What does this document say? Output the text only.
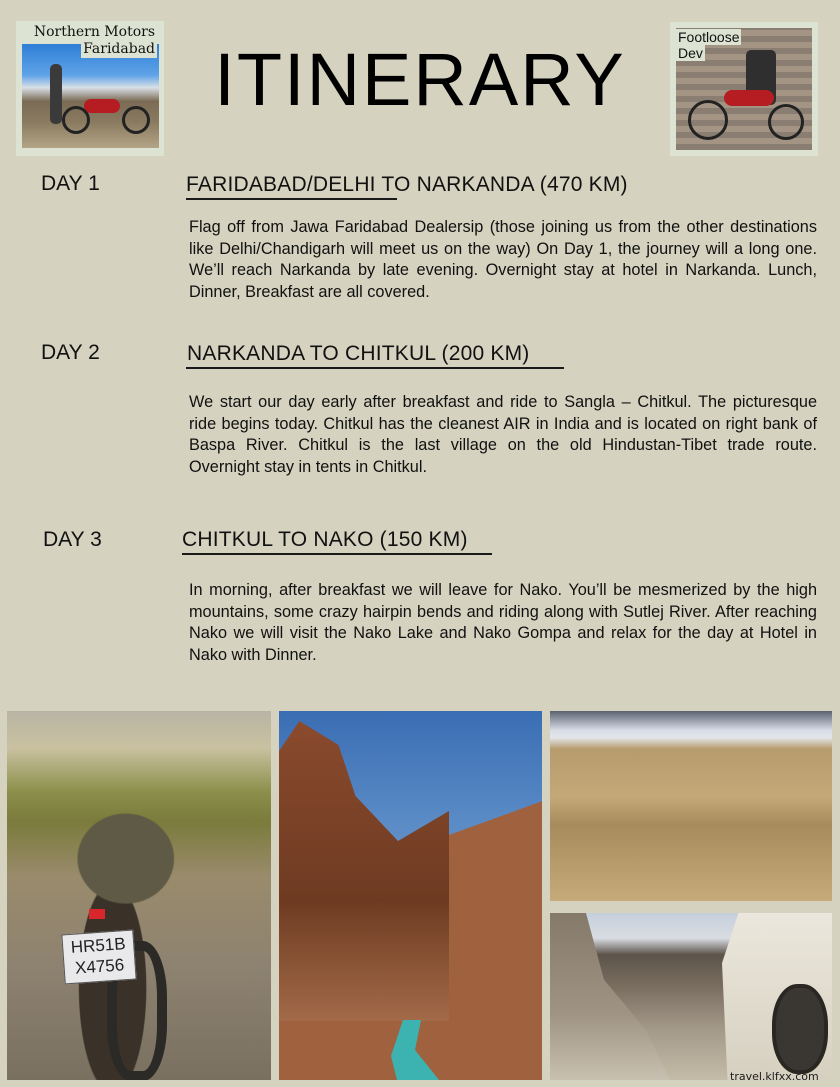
Northern Motors
Faridabad ITINERARY
Footloose
Dev
DAY 1	FARIDABAD/DELHI TO NARKANDA (470 KM)
Flag off from Jawa Faridabad Dealersip (those joining us from the other destinations like Delhi/Chandigarh will meet us on the way) On Day 1, the journey will a long one. We’ll reach Narkanda by late evening. Overnight stay at hotel in Narkanda. Lunch, Dinner, Breakfast are all covered.
DAY 2	NARKANDA TO CHITKUL (200 KM)
We start our day early after breakfast and ride to Sangla – Chitkul. The picturesque ride begins today. Chitkul has the cleanest AIR in India and is located on right bank of Baspa River. Chitkul is the last village on the old Hindustan-Tibet trade route. Overnight stay in tents in Chitkul.
DAY 3	CHITKUL TO NAKO (150 KM)
In morning, after breakfast we will leave for Nako. You’ll be mesmerized by the high mountains, some crazy hairpin bends and riding along with Sutlej River. After reaching Nako we will visit the Nako Lake and Nako Gompa and relax for the day at Hotel in Nako with Dinner.
HR51B
X4756
travel.klfxx.com
